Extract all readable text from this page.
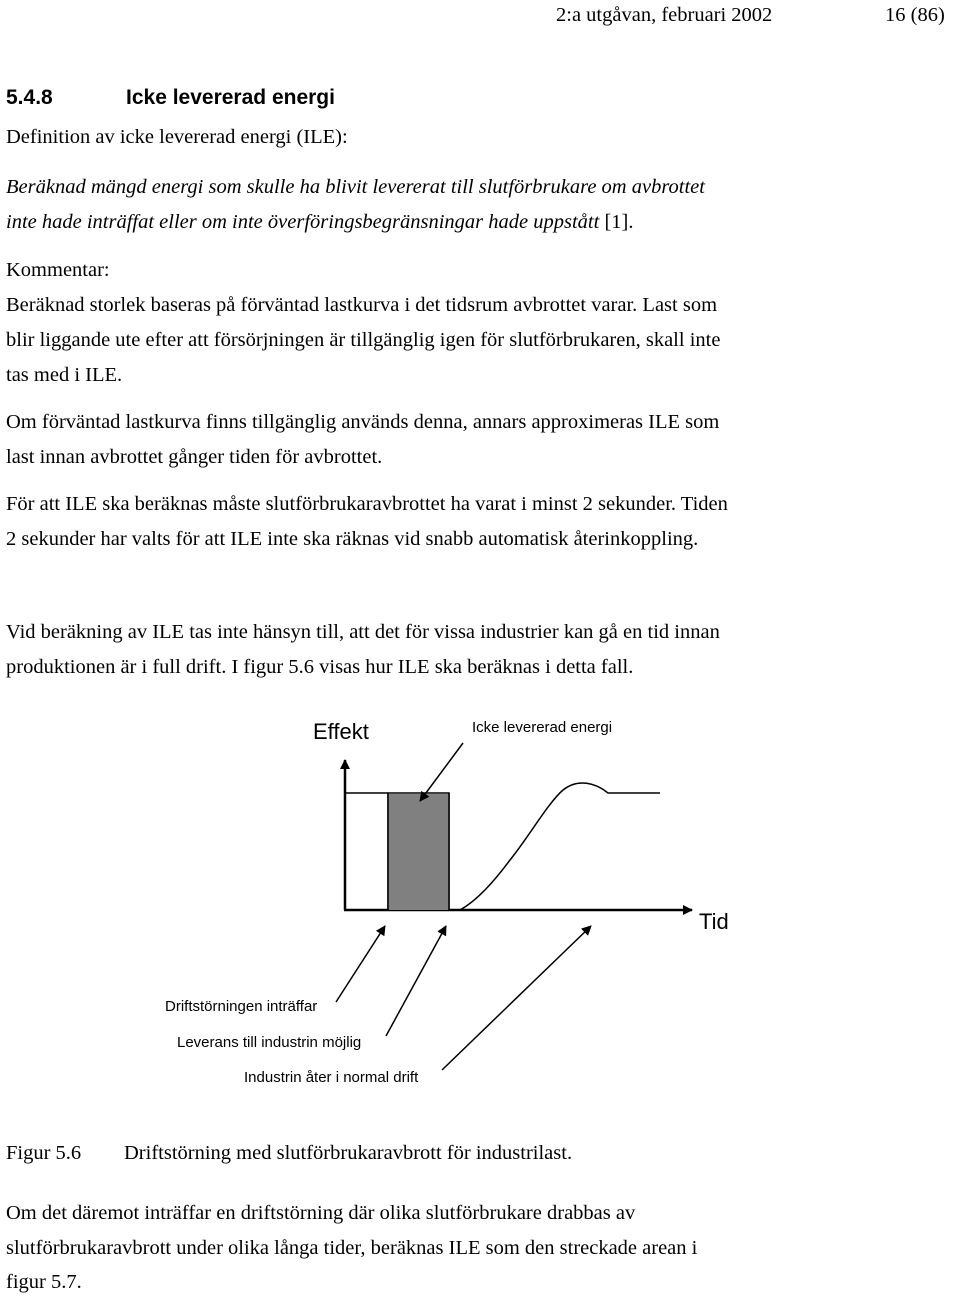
2:a utgåvan, februari 2002	16 (86)
5.4.8	Icke levererad energi
Definition av icke levererad energi (ILE):
Beräknad mängd energi som skulle ha blivit levererat till slutförbrukare om avbrottet
inte hade inträffat eller om inte överföringsbegränsningar hade uppstått [1].
Kommentar:
Beräknad storlek baseras på förväntad lastkurva i det tidsrum avbrottet varar. Last som
blir liggande ute efter att försörjningen är tillgänglig igen för slutförbrukaren, skall inte
tas med i ILE.
Om förväntad lastkurva finns tillgänglig används denna, annars approximeras ILE som
last innan avbrottet gånger tiden för avbrottet.
För att ILE ska beräknas måste slutförbrukaravbrottet ha varat i minst 2 sekunder. Tiden
2 sekunder har valts för att ILE inte ska räknas vid snabb automatisk återinkoppling.
Vid beräkning av ILE tas inte hänsyn till, att det för vissa industrier kan gå en tid innan
produktionen är i full drift. I figur 5.6 visas hur ILE ska beräknas i detta fall.
Effekt	Icke levererad energi
Tid
Driftstörningen inträffar
Leverans till industrin möjlig
Industrin åter i normal drift
Figur 5.6 Driftstörning med slutförbrukaravbrott för industrilast.
Om det däremot inträffar en driftstörning där olika slutförbrukare drabbas av
slutförbrukaravbrott under olika långa tider, beräknas ILE som den streckade arean i
figur 5.7.
